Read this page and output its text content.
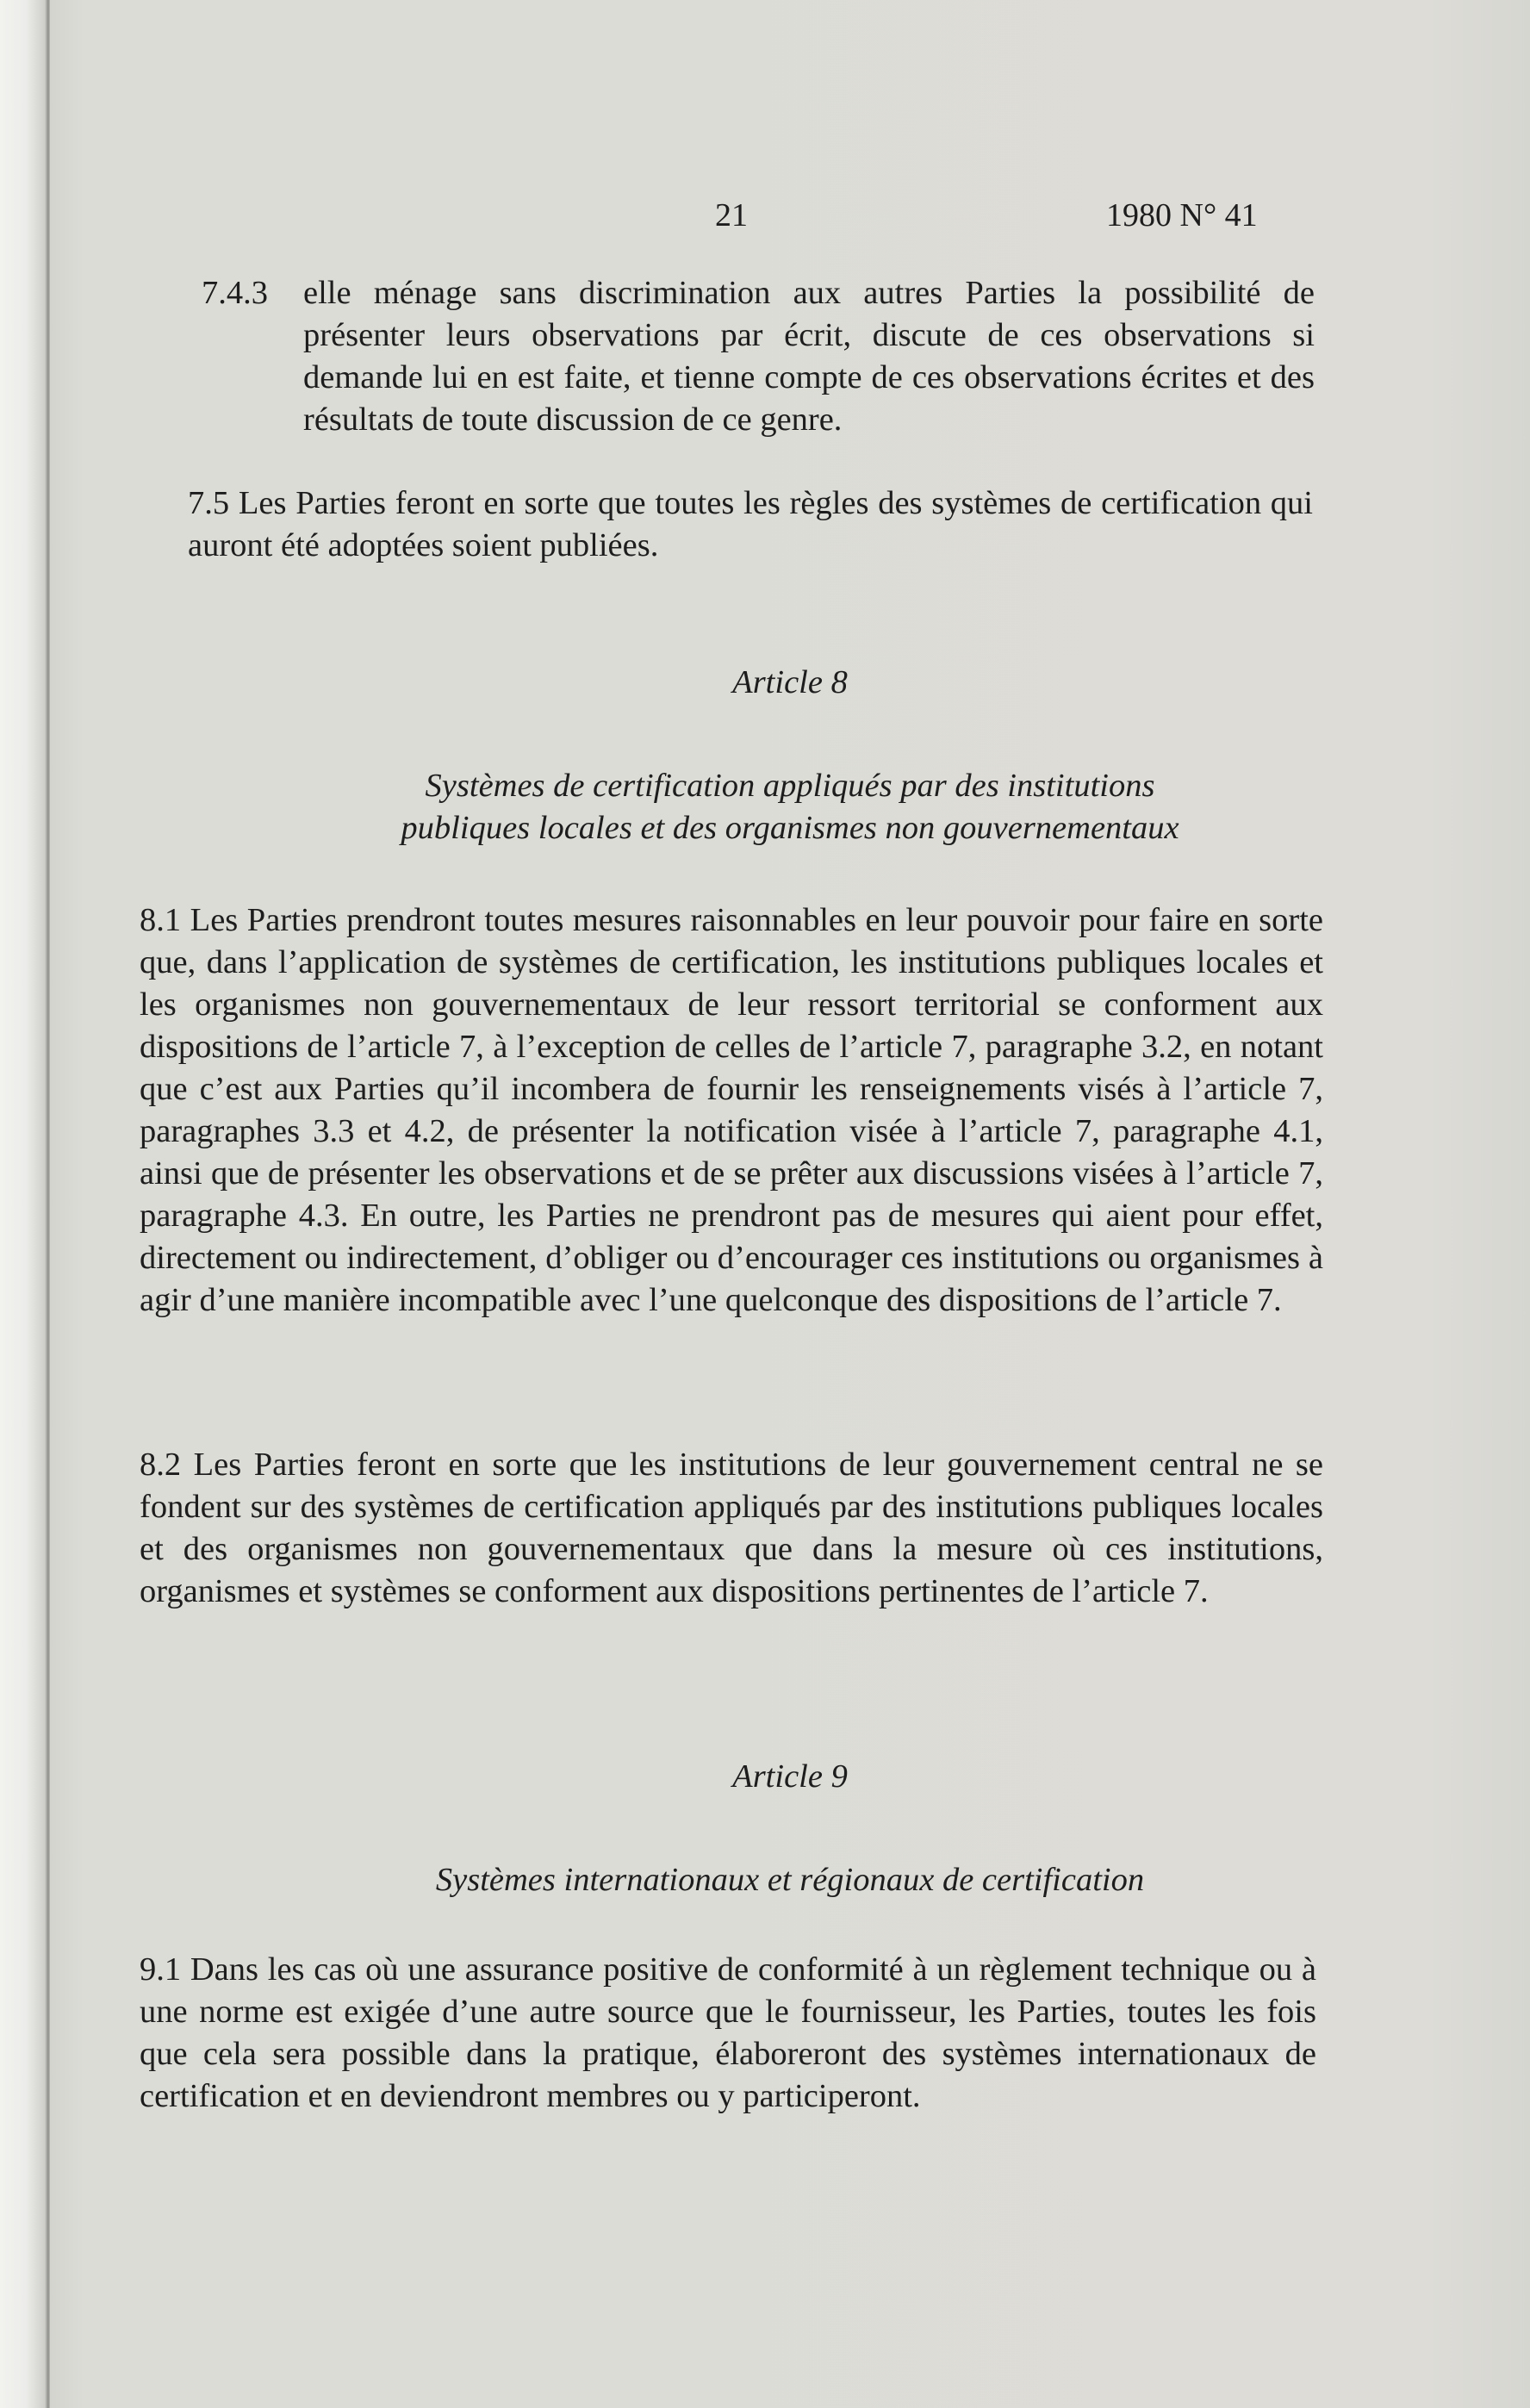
21	1980 N° 41
7.4.3 elle ménage sans discrimination aux autres Parties la possibilité de présenter leurs observations par écrit, discute de ces observations si demande lui en est faite, et tienne compte de ces observations écrites et des résultats de toute discussion de ce genre.
7.5 Les Parties feront en sorte que toutes les règles des systèmes de certification qui auront été adoptées soient publiées.
Article 8
Systèmes de certification appliqués par des institutions
publiques locales et des organismes non gouvernementaux
8.1 Les Parties prendront toutes mesures raisonnables en leur pouvoir pour faire en sorte que, dans l’application de systèmes de certification, les institutions publiques locales et les organismes non gouvernementaux de leur ressort territorial se conforment aux dispositions de l’article 7, à l’exception de celles de l’article 7, paragraphe 3.2, en notant que c’est aux Parties qu’il incombera de fournir les renseignements visés à l’article 7, paragraphes 3.3 et 4.2, de présenter la notification visée à l’article 7, paragraphe 4.1, ainsi que de présenter les observations et de se prêter aux discussions visées à l’article 7, paragraphe 4.3. En outre, les Parties ne prendront pas de mesures qui aient pour effet, directement ou indirectement, d’obliger ou d’encourager ces institutions ou organismes à agir d’une manière incompatible avec l’une quelconque des dispositions de l’article 7.
8.2 Les Parties feront en sorte que les institutions de leur gouvernement central ne se fondent sur des systèmes de certification appliqués par des institutions publiques locales et des organismes non gouvernementaux que dans la mesure où ces institutions, organismes et systèmes se conforment aux dispositions pertinentes de l’article 7.
Article 9
Systèmes internationaux et régionaux de certification
9.1 Dans les cas où une assurance positive de conformité à un règlement technique ou à une norme est exigée d’une autre source que le fournisseur, les Parties, toutes les fois que cela sera possible dans la pratique, élaboreront des systèmes internationaux de certification et en deviendront membres ou y participeront.
